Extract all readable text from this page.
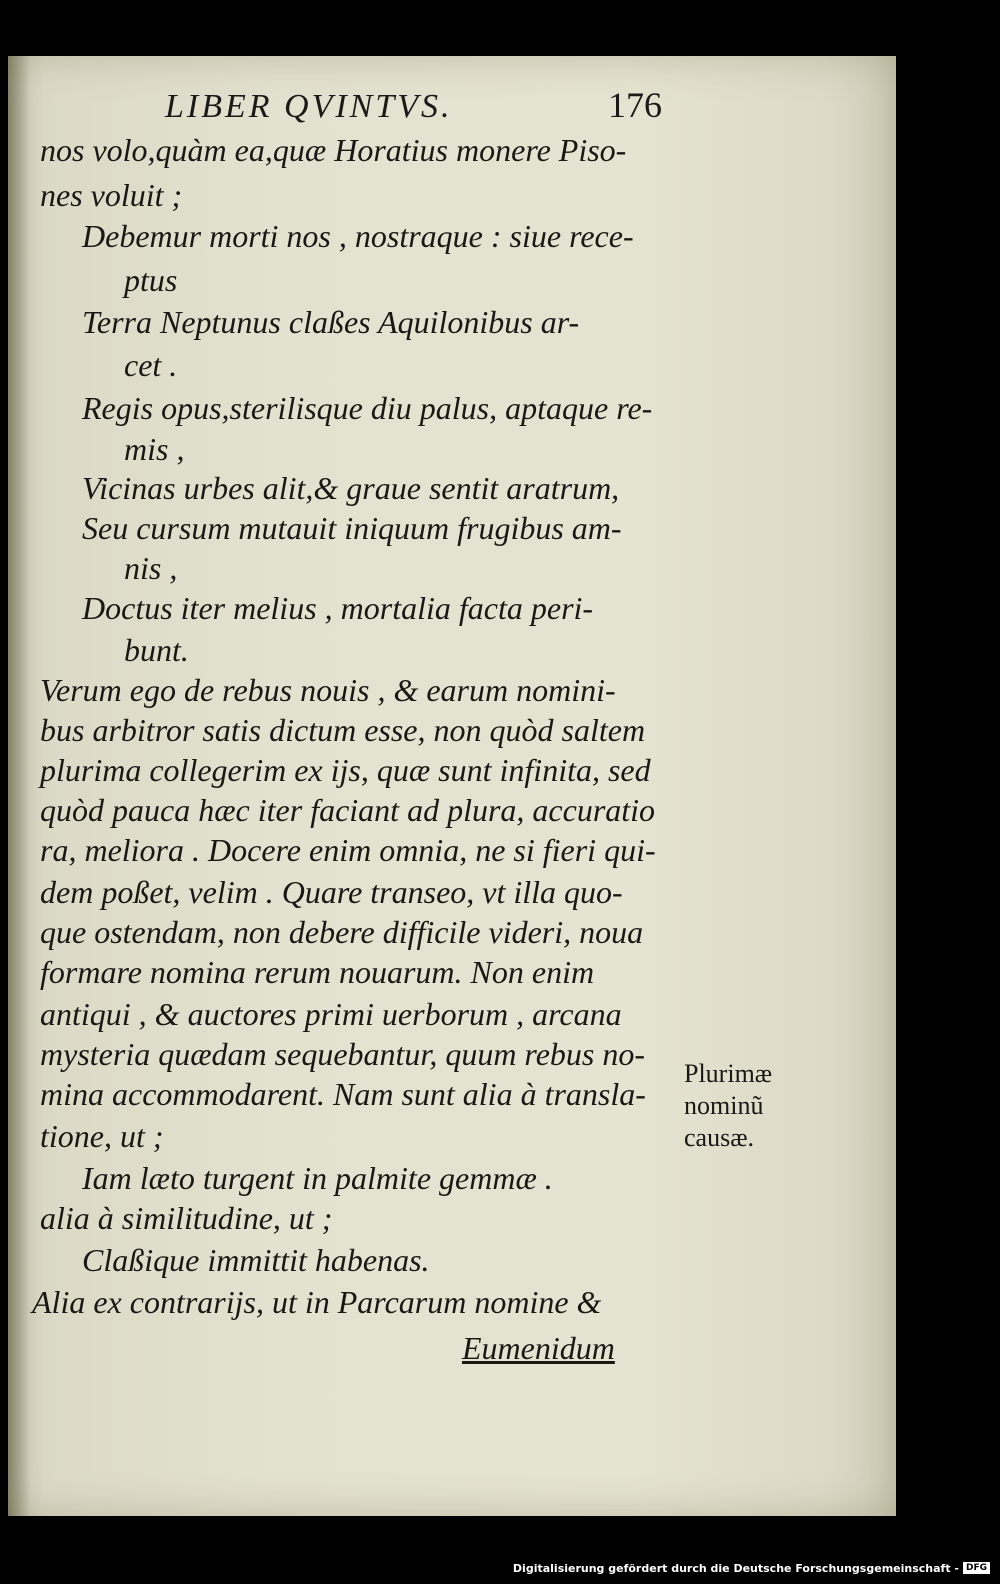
LIBER QVINTVS.	176
nos volo,quàm ea,quæ Horatius monere Piso-
nes voluit ;
Debemur morti nos , nostraque : siue rece-
ptus
Terra Neptunus claßes Aquilonibus ar-
cet .
Regis opus,sterilisque diu palus, aptaque re-
mis ,
Vicinas urbes alit,& graue sentit aratrum,
Seu cursum mutauit iniquum frugibus am-
nis ,
Doctus iter melius , mortalia facta peri-
bunt.
Verum ego de rebus nouis , & earum nomini-
bus arbitror satis dictum esse, non quòd saltem
plurima collegerim ex ijs, quæ sunt infinita, sed
quòd pauca hæc iter faciant ad plura, accuratio
ra, meliora . Docere enim omnia, ne si fieri qui-
dem poßet, velim . Quare transeo, vt illa quo-
que ostendam, non debere difficile videri, noua
formare nomina rerum nouarum. Non enim
antiqui , & auctores primi uerborum , arcana
mysteria quædam sequebantur, quum rebus no-
mina accommodarent. Nam sunt alia à transla-
tione, ut ;
Iam læto turgent in palmite gemmæ .
alia à similitudine, ut ;
Claßique immittit habenas.
Alia ex contrarijs, ut in Parcarum nomine &
Eumenidum
Plurimæ
nominũ
causæ.
Digitalisierung gefördert durch die Deutsche Forschungsgemeinschaft - DFG
